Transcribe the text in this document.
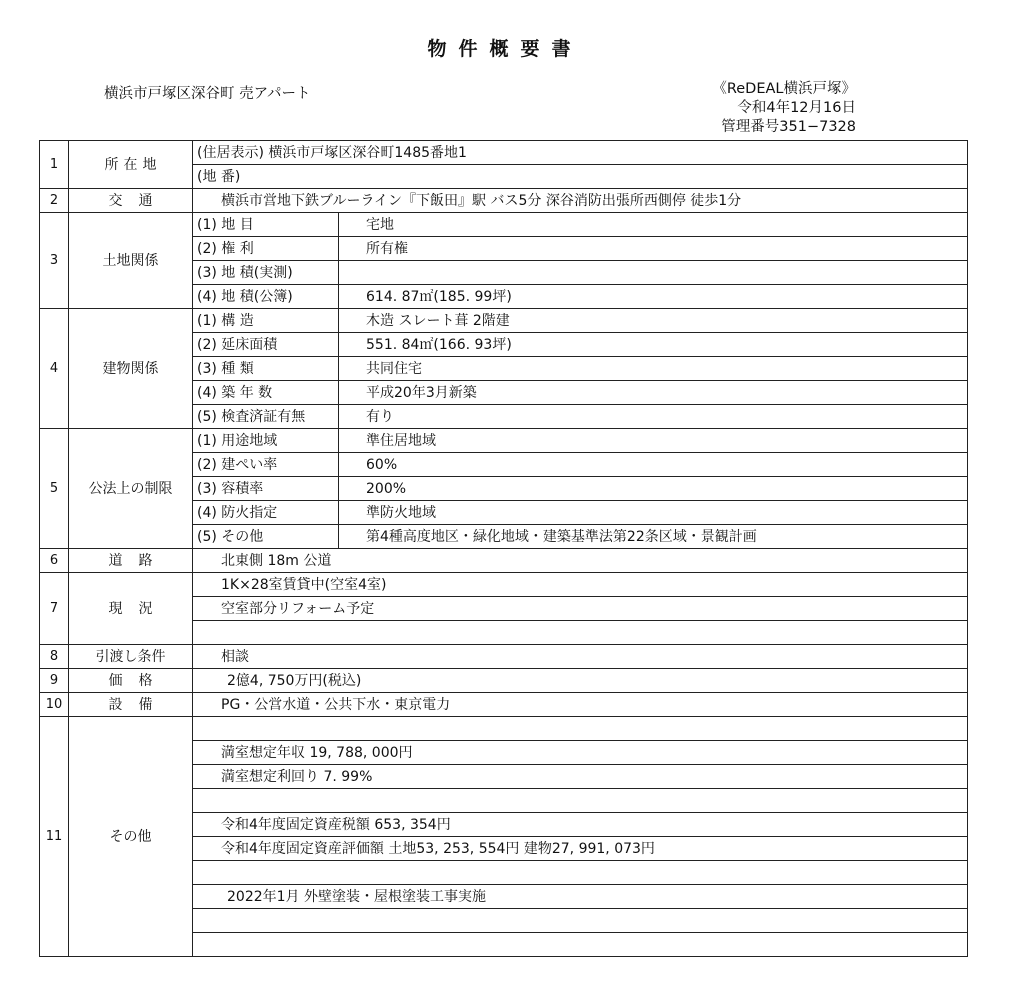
物件概要書
横浜市戸塚区深谷町 売アパート	《ReDEAL横浜戸塚》
令和4年12月16日
管理番号351−7328
1	所在地	(住居表示) 横浜市戸塚区深谷町1485番地1	
		(地 番)	
2	交通	横浜市営地下鉄ブルーライン『下飯田』駅 バス5分 深谷消防出張所西側停 徒歩1分	
3	土地関係	(1) 地 目	宅地
		(2) 権 利	所有権
		(3) 地 積(実測)	
		(4) 地 積(公簿)	614. 87㎡(185. 99坪)
4	建物関係	(1) 構 造	木造 スレート葺 2階建
		(2) 延床面積	551. 84㎡(166. 93坪)
		(3) 種 類	共同住宅
		(4) 築 年 数	平成20年3月新築
		(5) 検査済証有無	有り
5	公法上の制限	(1) 用途地域	準住居地域
		(2) 建ぺい率	60%
		(3) 容積率	200%
		(4) 防火指定	準防火地域
		(5) その他	第4種高度地区・緑化地域・建築基準法第22条区域・景観計画
6	道路	北東側 18m 公道	
7	現況	1K×28室賃貸中(空室4室)	
		空室部分リフォーム予定	

8	引渡し条件	相談	
9	価格	2億4, 750万円(税込)	
10	設備	PG・公営水道・公共下水・東京電力	
11	その他		
		満室想定年収 19, 788, 000円	
		満室想定利回り 7. 99%	

		令和4年度固定資産税額 653, 354円	
		令和4年度固定資産評価額 土地53, 253, 554円 建物27, 991, 073円	

		2022年1月 外壁塗装・屋根塗装工事実施	
